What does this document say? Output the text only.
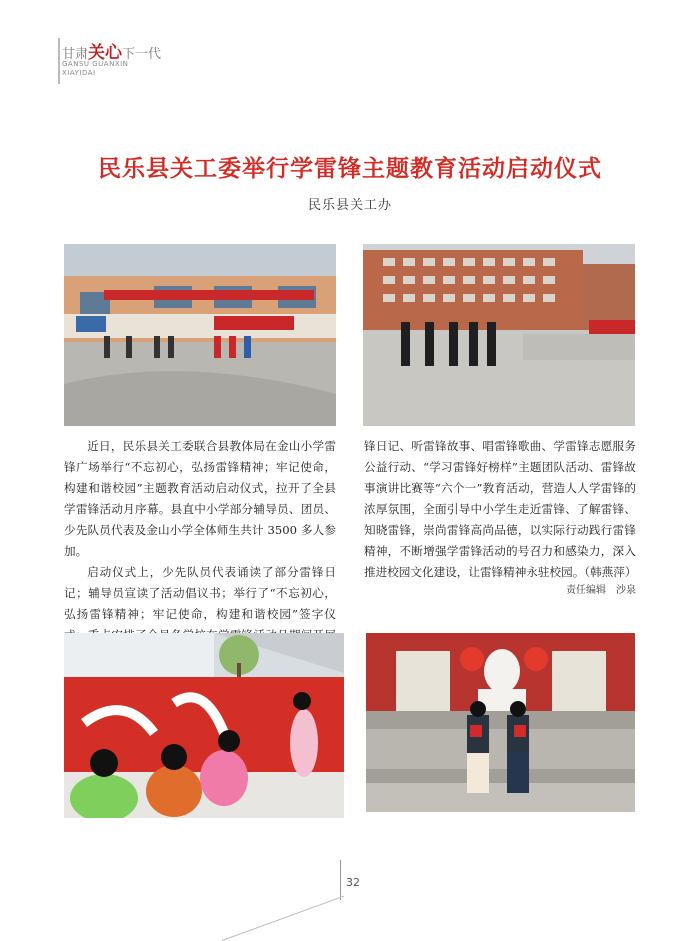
甘肃关心下一代
GANSU GUANXIN
XIAYIDAI
民乐县关工委举行学雷锋主题教育活动启动仪式
民乐县关工办

近日，民乐县关工委联合县教体局在金山小学雷锋广场举行“不忘初心，弘扬雷锋精神；牢记使命，构建和谐校园”主题教育活动启动仪式，拉开了全县学雷锋活动月序幕。县直中小学部分辅导员、团员、少先队员代表及金山小学全体师生共计 3500 多人参加。

启动仪式上，少先队员代表诵读了部分雷锋日记；辅导员宣读了活动倡议书；举行了“不忘初心，弘扬雷锋精神；牢记使命，构建和谐校园”签字仪

锋日记、听雷锋故事、唱雷锋歌曲、学雷锋志愿服务公益行动、“学习雷锋好榜样”主题团队活动、雷锋故事演讲比赛等“六个一”教育活动，营造人人学雷锋的浓厚氛围，全面引导中小学生走近雷锋、了解雷锋、知晓雷锋，崇尚雷锋高尚品德，以实际行动践行雷锋精神，不断增强学雷锋活动的号召力和感染力，深入推进校园文化建设，让雷锋精神永驻校园。（韩燕萍）

责任编辑　沙泉
32
